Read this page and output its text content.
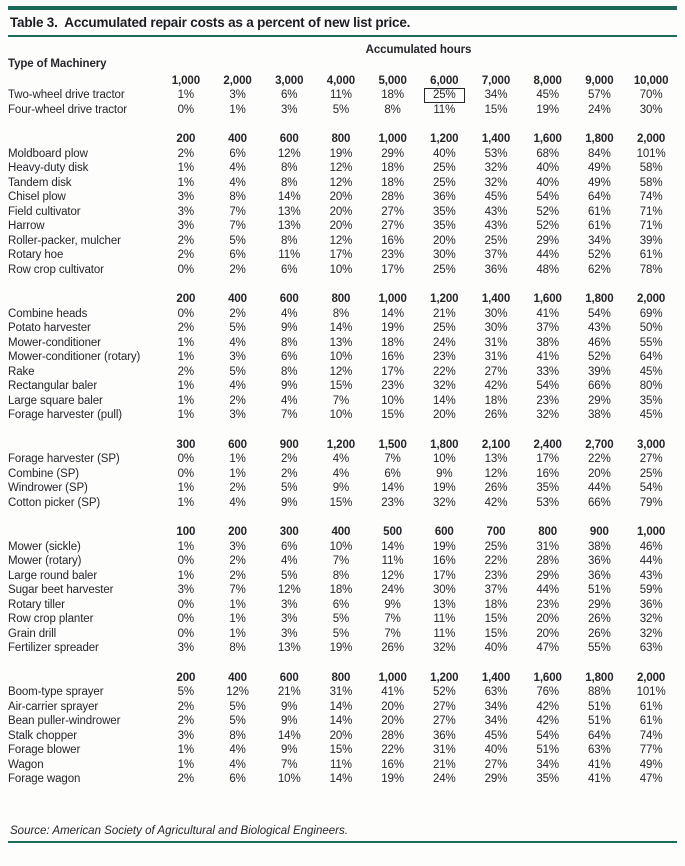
Table 3.  Accumulated repair costs as a percent of new list price.
	Accumulated hours									
Type of Machinery										
	1,000	2,000	3,000	4,000	5,000	6,000	7,000	8,000	9,000	10,000
Two-wheel drive tractor	1%	3%	6%	11%	18%	25%	34%	45%	57%	70%
Four-wheel drive tractor	0%	1%	3%	5%	8%	11%	15%	19%	24%	30%
	200	400	600	800	1,000	1,200	1,400	1,600	1,800	2,000
Moldboard plow	2%	6%	12%	19%	29%	40%	53%	68%	84%	101%
Heavy-duty disk	1%	4%	8%	12%	18%	25%	32%	40%	49%	58%
Tandem disk	1%	4%	8%	12%	18%	25%	32%	40%	49%	58%
Chisel plow	3%	8%	14%	20%	28%	36%	45%	54%	64%	74%
Field cultivator	3%	7%	13%	20%	27%	35%	43%	52%	61%	71%
Harrow	3%	7%	13%	20%	27%	35%	43%	52%	61%	71%
Roller-packer, mulcher	2%	5%	8%	12%	16%	20%	25%	29%	34%	39%
Rotary hoe	2%	6%	11%	17%	23%	30%	37%	44%	52%	61%
Row crop cultivator	0%	2%	6%	10%	17%	25%	36%	48%	62%	78%
	200	400	600	800	1,000	1,200	1,400	1,600	1,800	2,000
Combine heads	0%	2%	4%	8%	14%	21%	30%	41%	54%	69%
Potato harvester	2%	5%	9%	14%	19%	25%	30%	37%	43%	50%
Mower-conditioner	1%	4%	8%	13%	18%	24%	31%	38%	46%	55%
Mower-conditioner (rotary)	1%	3%	6%	10%	16%	23%	31%	41%	52%	64%
Rake	2%	5%	8%	12%	17%	22%	27%	33%	39%	45%
Rectangular baler	1%	4%	9%	15%	23%	32%	42%	54%	66%	80%
Large square baler	1%	2%	4%	7%	10%	14%	18%	23%	29%	35%
Forage harvester (pull)	1%	3%	7%	10%	15%	20%	26%	32%	38%	45%
	300	600	900	1,200	1,500	1,800	2,100	2,400	2,700	3,000
Forage harvester (SP)	0%	1%	2%	4%	7%	10%	13%	17%	22%	27%
Combine (SP)	0%	1%	2%	4%	6%	9%	12%	16%	20%	25%
Windrower (SP)	1%	2%	5%	9%	14%	19%	26%	35%	44%	54%
Cotton picker (SP)	1%	4%	9%	15%	23%	32%	42%	53%	66%	79%
	100	200	300	400	500	600	700	800	900	1,000
Mower (sickle)	1%	3%	6%	10%	14%	19%	25%	31%	38%	46%
Mower (rotary)	0%	2%	4%	7%	11%	16%	22%	28%	36%	44%
Large round baler	1%	2%	5%	8%	12%	17%	23%	29%	36%	43%
Sugar beet harvester	3%	7%	12%	18%	24%	30%	37%	44%	51%	59%
Rotary tiller	0%	1%	3%	6%	9%	13%	18%	23%	29%	36%
Row crop planter	0%	1%	3%	5%	7%	11%	15%	20%	26%	32%
Grain drill	0%	1%	3%	5%	7%	11%	15%	20%	26%	32%
Fertilizer spreader	3%	8%	13%	19%	26%	32%	40%	47%	55%	63%
	200	400	600	800	1,000	1,200	1,400	1,600	1,800	2,000
Boom-type sprayer	5%	12%	21%	31%	41%	52%	63%	76%	88%	101%
Air-carrier sprayer	2%	5%	9%	14%	20%	27%	34%	42%	51%	61%
Bean puller-windrower	2%	5%	9%	14%	20%	27%	34%	42%	51%	61%
Stalk chopper	3%	8%	14%	20%	28%	36%	45%	54%	64%	74%
Forage blower	1%	4%	9%	15%	22%	31%	40%	51%	63%	77%
Wagon	1%	4%	7%	11%	16%	21%	27%	34%	41%	49%
Forage wagon	2%	6%	10%	14%	19%	24%	29%	35%	41%	47%
Source: American Society of Agricultural and Biological Engineers.
